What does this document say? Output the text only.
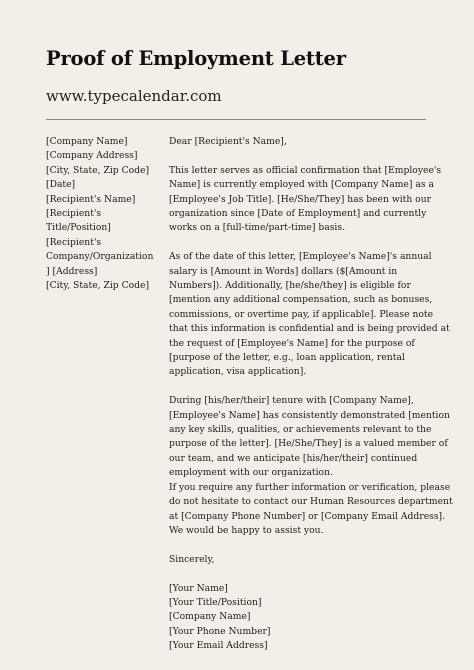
Proof of Employment Letter
www.typecalendar.com
[Company Name]
[Company Address]
[City, State, Zip Code]
[Date]
[Recipient's Name]
[Recipient's
Title/Position]
[Recipient's
Company/Organization
] [Address]
[City, State, Zip Code]
Dear [Recipient's Name],
This letter serves as official confirmation that [Employee's
Name] is currently employed with [Company Name] as a
[Employee's Job Title]. [He/She/They] has been with our
organization since [Date of Employment] and currently
works on a [full-time/part-time] basis.
As of the date of this letter, [Employee's Name]'s annual
salary is [Amount in Words] dollars ($[Amount in
Numbers]). Additionally, [he/she/they] is eligible for
[mention any additional compensation, such as bonuses,
commissions, or overtime pay, if applicable]. Please note
that this information is confidential and is being provided at
the request of [Employee's Name] for the purpose of
[purpose of the letter, e.g., loan application, rental
application, visa application].
During [his/her/their] tenure with [Company Name],
[Employee's Name] has consistently demonstrated [mention
any key skills, qualities, or achievements relevant to the
purpose of the letter]. [He/She/They] is a valued member of
our team, and we anticipate [his/her/their] continued
employment with our organization.
If you require any further information or verification, please
do not hesitate to contact our Human Resources department
at [Company Phone Number] or [Company Email Address].
We would be happy to assist you.
Sincerely,
[Your Name]
[Your Title/Position]
[Company Name]
[Your Phone Number]
[Your Email Address]
